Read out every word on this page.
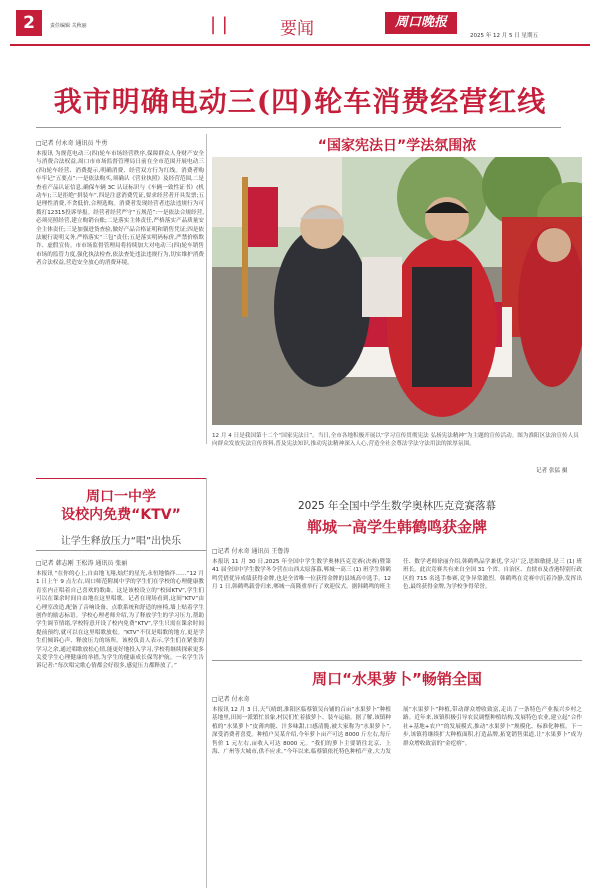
2	责任编辑 关秋丽	| |	要闻	周口晚报
2025 年 12 月 5 日 星期五
我市明确电动三(四)轮车消费经营红线
□记者 付永奇 通讯员 牛勇
本报讯 为规范电动三(四)轮车市场经营秩序,保障群众人身财产安全与消费合法权益,周口市市场监督管理局日前在全市范围开展电动三(四)轮车经营、消费提示,明确消费、经营双方行为红线。消费者购车牢记“五要点”:一是依法购买,须确认《营业执照》及经营范围,二是查看产品认证信息,确保车辆 3C 认证标识与《车辆一致性证书》(机动车);三是拒绝“拼装车”,四是注意消费凭证,要求经营者开具发票;五是理性消费,不贪低价,合理选购。消费者发现经营者违法违规行为可拨打12315投诉举报。经营者经营严守“五规范”:一是依法合规经营,必须亮照经营,建立购销台账;二是落实主体责任,严格落实产品质量安全主体责任;三是加强进货查验,做好产品合格证明和销售凭证;四是依法履行说明义务,严格落实“三包”责任;五是落实明码标价,严禁价格欺诈、虚假宣传。市市场监督管理局将持续加大对电动三(四)轮车销售市场的监管力度,强化执法检查,依法查处违法违规行为,切实维护消费者合法权益,营造安全放心的消费环境。
“国家宪法日”学法氛围浓
12 月 4 日是我国第十二个“国家宪法日”。当日,全市各地积极开展以“学习宣传贯彻宪法 弘扬宪法精神”为主题的宣传活动。图为淮阳区法治宣传人员向群众发放宪法宣传资料,普及宪法知识,推动宪法精神深入人心,营造全社会尊法学法守法用法的浓厚氛围。
记者 张猛 摄
周口一中学
设校内免费“KTV”
让学生释放压力“唱”出快乐
□记者 韩志刚 王松涛 通讯员 张丽
本报讯 “在你的心上,自由地飞翔,灿烂的星光,永恒地徜徉……”12 月 1 日上午 9 点左右,周口师范附属中学的学生们在学校的心理健康教育室内正唱着自己喜欢的歌曲。这是该校设立的“校园KTV”,学生们可以在课余时间自由地在这里唱歌。记者在现场看到,这间“KTV”由心理室改造,配备了音响设备、点歌系统和舒适的座椅,墙上贴着学生创作的励志标语。学校心理老师介绍,为了释放学生的学习压力,帮助学生调节情绪,学校特意开设了校内免费“KTV”,学生只需在课余时间提前预约,就可以在这里唱歌放松。“KTV”不仅是唱歌的地方,更是学生们倾诉心声、释放压力的场所。该校负责人表示,学生们在紧张的学习之余,通过唱歌放松心情,能更好地投入学习,学校将继续探索更多关爱学生心理健康的举措,为学生的健康成长保驾护航。一名学生告诉记者:“每次唱完歌心情都会好很多,感觉压力都释放了。”
2025 年全国中学生数学奥林匹克竞赛落幕
郸城一高学生韩鹤鸣获金牌
□记者 付永奇 通讯员 王鲁涛
本报讯 11 月 30 日,2025 年全国中学生数学奥林匹克竞赛(决赛)暨第 41 届全国中学生数学冬令营在山西太原落幕,郸城一高三 (1) 班学生韩鹤鸣凭借优异成绩获得金牌,也是全省唯一位获得金牌的县域高中选手。12 月 1 日,韩鹤鸣载誉归来,郸城一高隆重举行了欢迎仪式。据韩鹤鸣的班主任、数学老师徐丽介绍,韩鹤鸣品学兼优,学习广泛,思维敏捷,是三 (1) 班班长。此次竞赛共有来自全国 31 个省、自治区、直辖市及香港特别行政区的 715 名选手参赛,竞争异常激烈。韩鹤鸣在竞赛中沉着冷静,发挥出色,最终获得金牌,为学校争得荣誉。
周口“水果萝卜”畅销全国
□记者 付永奇
本报讯 12 月 3 日,天气晴朗,淮阳区临蔡镇吴台铺的百亩“水果萝卜”种植基地里,田间一派繁忙景象,村民们忙着拔萝卜、装车运输。据了解,该镇种植的“水果萝卜”皮薄肉脆、汁多味甜,口感清脆,被大家称为“水果萝卜”,深受消费者喜爱。种植户吴某介绍,今年萝卜亩产可达 8000 斤左右,每斤售价 1 元左右,亩收入可达 8000 元。“我们的萝卜主要销往北京、上海、广州等大城市,供不应求。”今年以来,临蔡镇依托特色种植产业,大力发展“水果萝卜”种植,带动群众增收致富,走出了一条特色产业振兴乡村之路。近年来,该镇积极引导农民调整种植结构,发展特色农业,建立起“合作社+基地+农户”的发展模式,推动“水果萝卜”规模化、标准化种植。下一步,该镇将继续扩大种植面积,打造品牌,拓宽销售渠道,让“水果萝卜”成为群众增收致富的“金疙瘩”。
